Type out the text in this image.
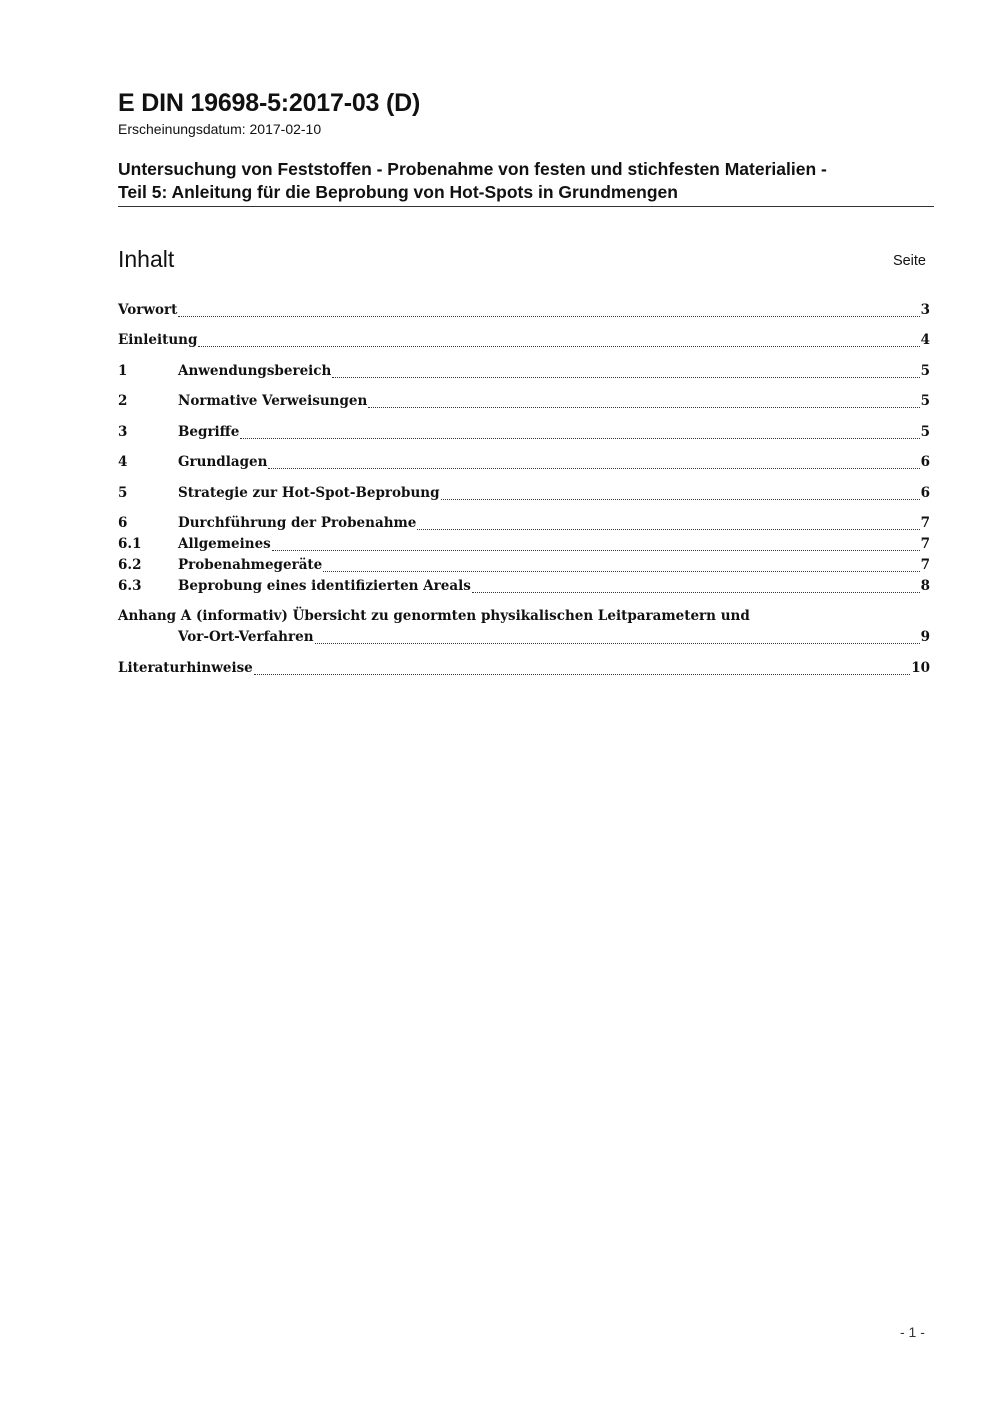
E DIN 19698-5:2017-03 (D)
Erscheinungsdatum: 2017-02-10
Untersuchung von Feststoffen - Probenahme von festen und stichfesten Materialien -
Teil 5: Anleitung für die Beprobung von Hot-Spots in Grundmengen
Inhalt	Seite
Vorwort	3
Einleitung	4
1	Anwendungsbereich	5
2	Normative Verweisungen	5
3	Begriffe	5
4	Grundlagen	6
5	Strategie zur Hot-Spot-Beprobung	6
6	Durchführung der Probenahme	7
6.1	Allgemeines	7
6.2	Probenahmegeräte	7
6.3	Beprobung eines identifizierten Areals	8
Anhang A (informativ) Übersicht zu genormten physikalischen Leitparametern und
Vor-Ort-Verfahren	9
Literaturhinweise	10
- 1 -
